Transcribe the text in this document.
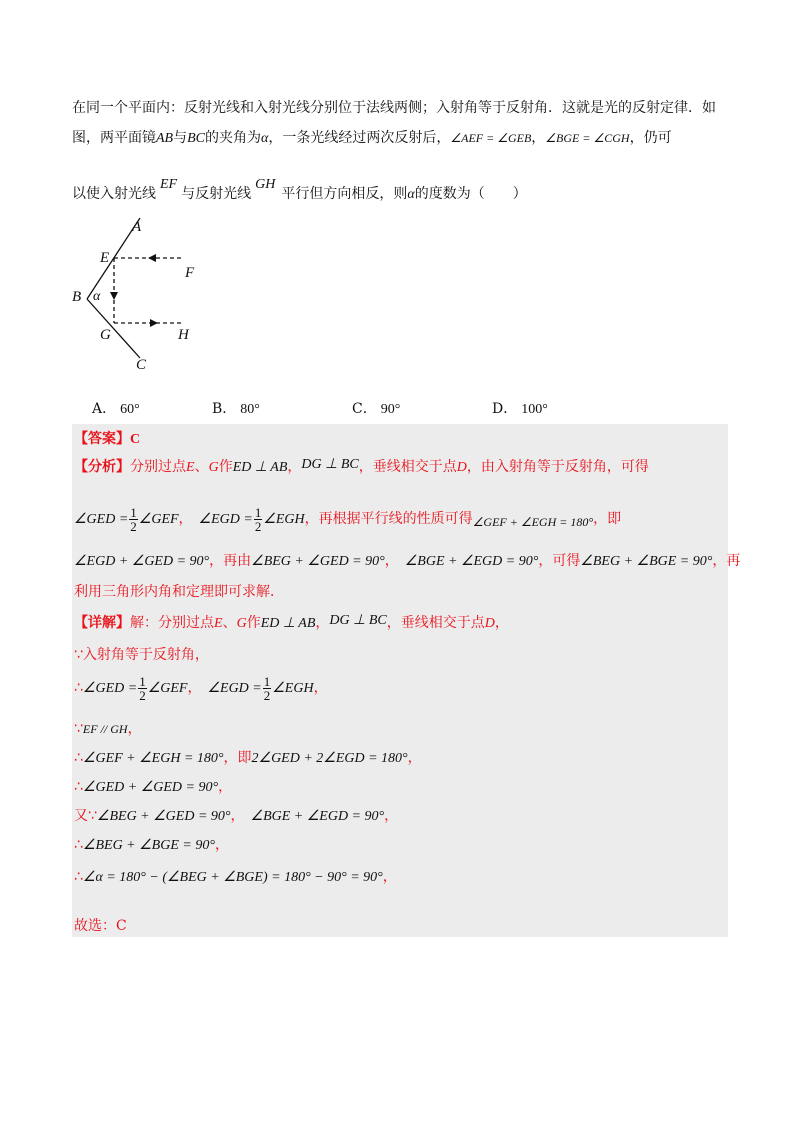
在同一个平面内：反射光线和入射光线分别位于法线两侧；入射角等于反射角．这就是光的反射定律．如
图，两平面镜AB与BC的夹角为α，一条光线经过两次反射后，∠AEF = ∠GEB，∠BGE = ∠CGH，仍可
以使入射光线EF与反射光线GH平行但方向相反，则α的度数为（　　）
A
E
F
B α
G	H
C
A． 60°	B． 80°	C． 90°	D． 100°
【答案】C
【分析】分别过点E、G作ED ⊥ AB，DG ⊥ BC，垂线相交于点D，由入射角等于反射角，可得
∠GED = $\frac{1}{2}$ ∠GEF， ∠EGD = $\frac{1}{2}$ ∠EGH，再根据平行线的性质可得∠GEF + ∠EGH = 180°，即
∠EGD + ∠GED = 90°，再由∠BEG + ∠GED = 90°， ∠BGE + ∠EGD = 90°，可得∠BEG + ∠BGE = 90°，再
利用三角形内角和定理即可求解．
【详解】解：分别过点E、G作ED ⊥ AB，DG ⊥ BC，垂线相交于点D，
∵入射角等于反射角，
∴∠GED = $\frac{1}{2}$ ∠GEF， ∠EGD = $\frac{1}{2}$ ∠EGH，
∵EF // GH，
∴∠GEF + ∠EGH = 180°，即2∠GED + 2∠EGD = 180°，
∴∠GED + ∠GED = 90°，
又∵∠BEG + ∠GED = 90°， ∠BGE + ∠EGD = 90°，
∴∠BEG + ∠BGE = 90°，
∴∠α = 180° − (∠BEG + ∠BGE) = 180° − 90° = 90°，
故选：C
